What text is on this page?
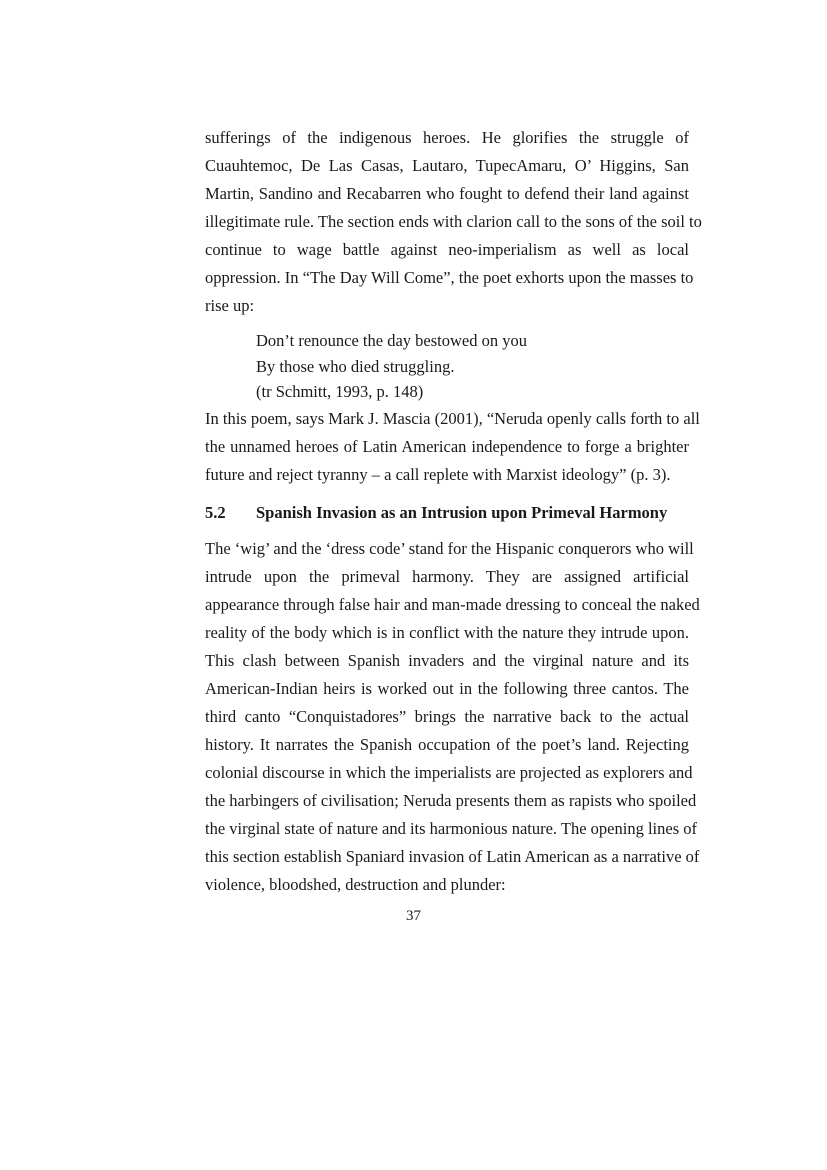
sufferings of the indigenous heroes. He glorifies the struggle of
Cuauhtemoc, De Las Casas, Lautaro, TupecAmaru, O’ Higgins, San
Martin, Sandino and Recabarren who fought to defend their land against
illegitimate rule. The section ends with clarion call to the sons of the soil to
continue to wage battle against neo-imperialism as well as local
oppression. In “The Day Will Come”, the poet exhorts upon the masses to
rise up:
Don’t renounce the day bestowed on you
By those who died struggling.
(tr Schmitt, 1993, p. 148)
In this poem, says Mark J. Mascia (2001), “Neruda openly calls forth to all
the unnamed heroes of Latin American independence to forge a brighter
future and reject tyranny – a call replete with Marxist ideology” (p. 3).
5.2 Spanish Invasion as an Intrusion upon Primeval Harmony
The ‘wig’ and the ‘dress code’ stand for the Hispanic conquerors who will
intrude upon the primeval harmony. They are assigned artificial
appearance through false hair and man-made dressing to conceal the naked
reality of the body which is in conflict with the nature they intrude upon.
This clash between Spanish invaders and the virginal nature and its
American-Indian heirs is worked out in the following three cantos. The
third canto “Conquistadores” brings the narrative back to the actual
history. It narrates the Spanish occupation of the poet’s land. Rejecting
colonial discourse in which the imperialists are projected as explorers and
the harbingers of civilisation; Neruda presents them as rapists who spoiled
the virginal state of nature and its harmonious nature. The opening lines of
this section establish Spaniard invasion of Latin American as a narrative of
violence, bloodshed, destruction and plunder:
37
